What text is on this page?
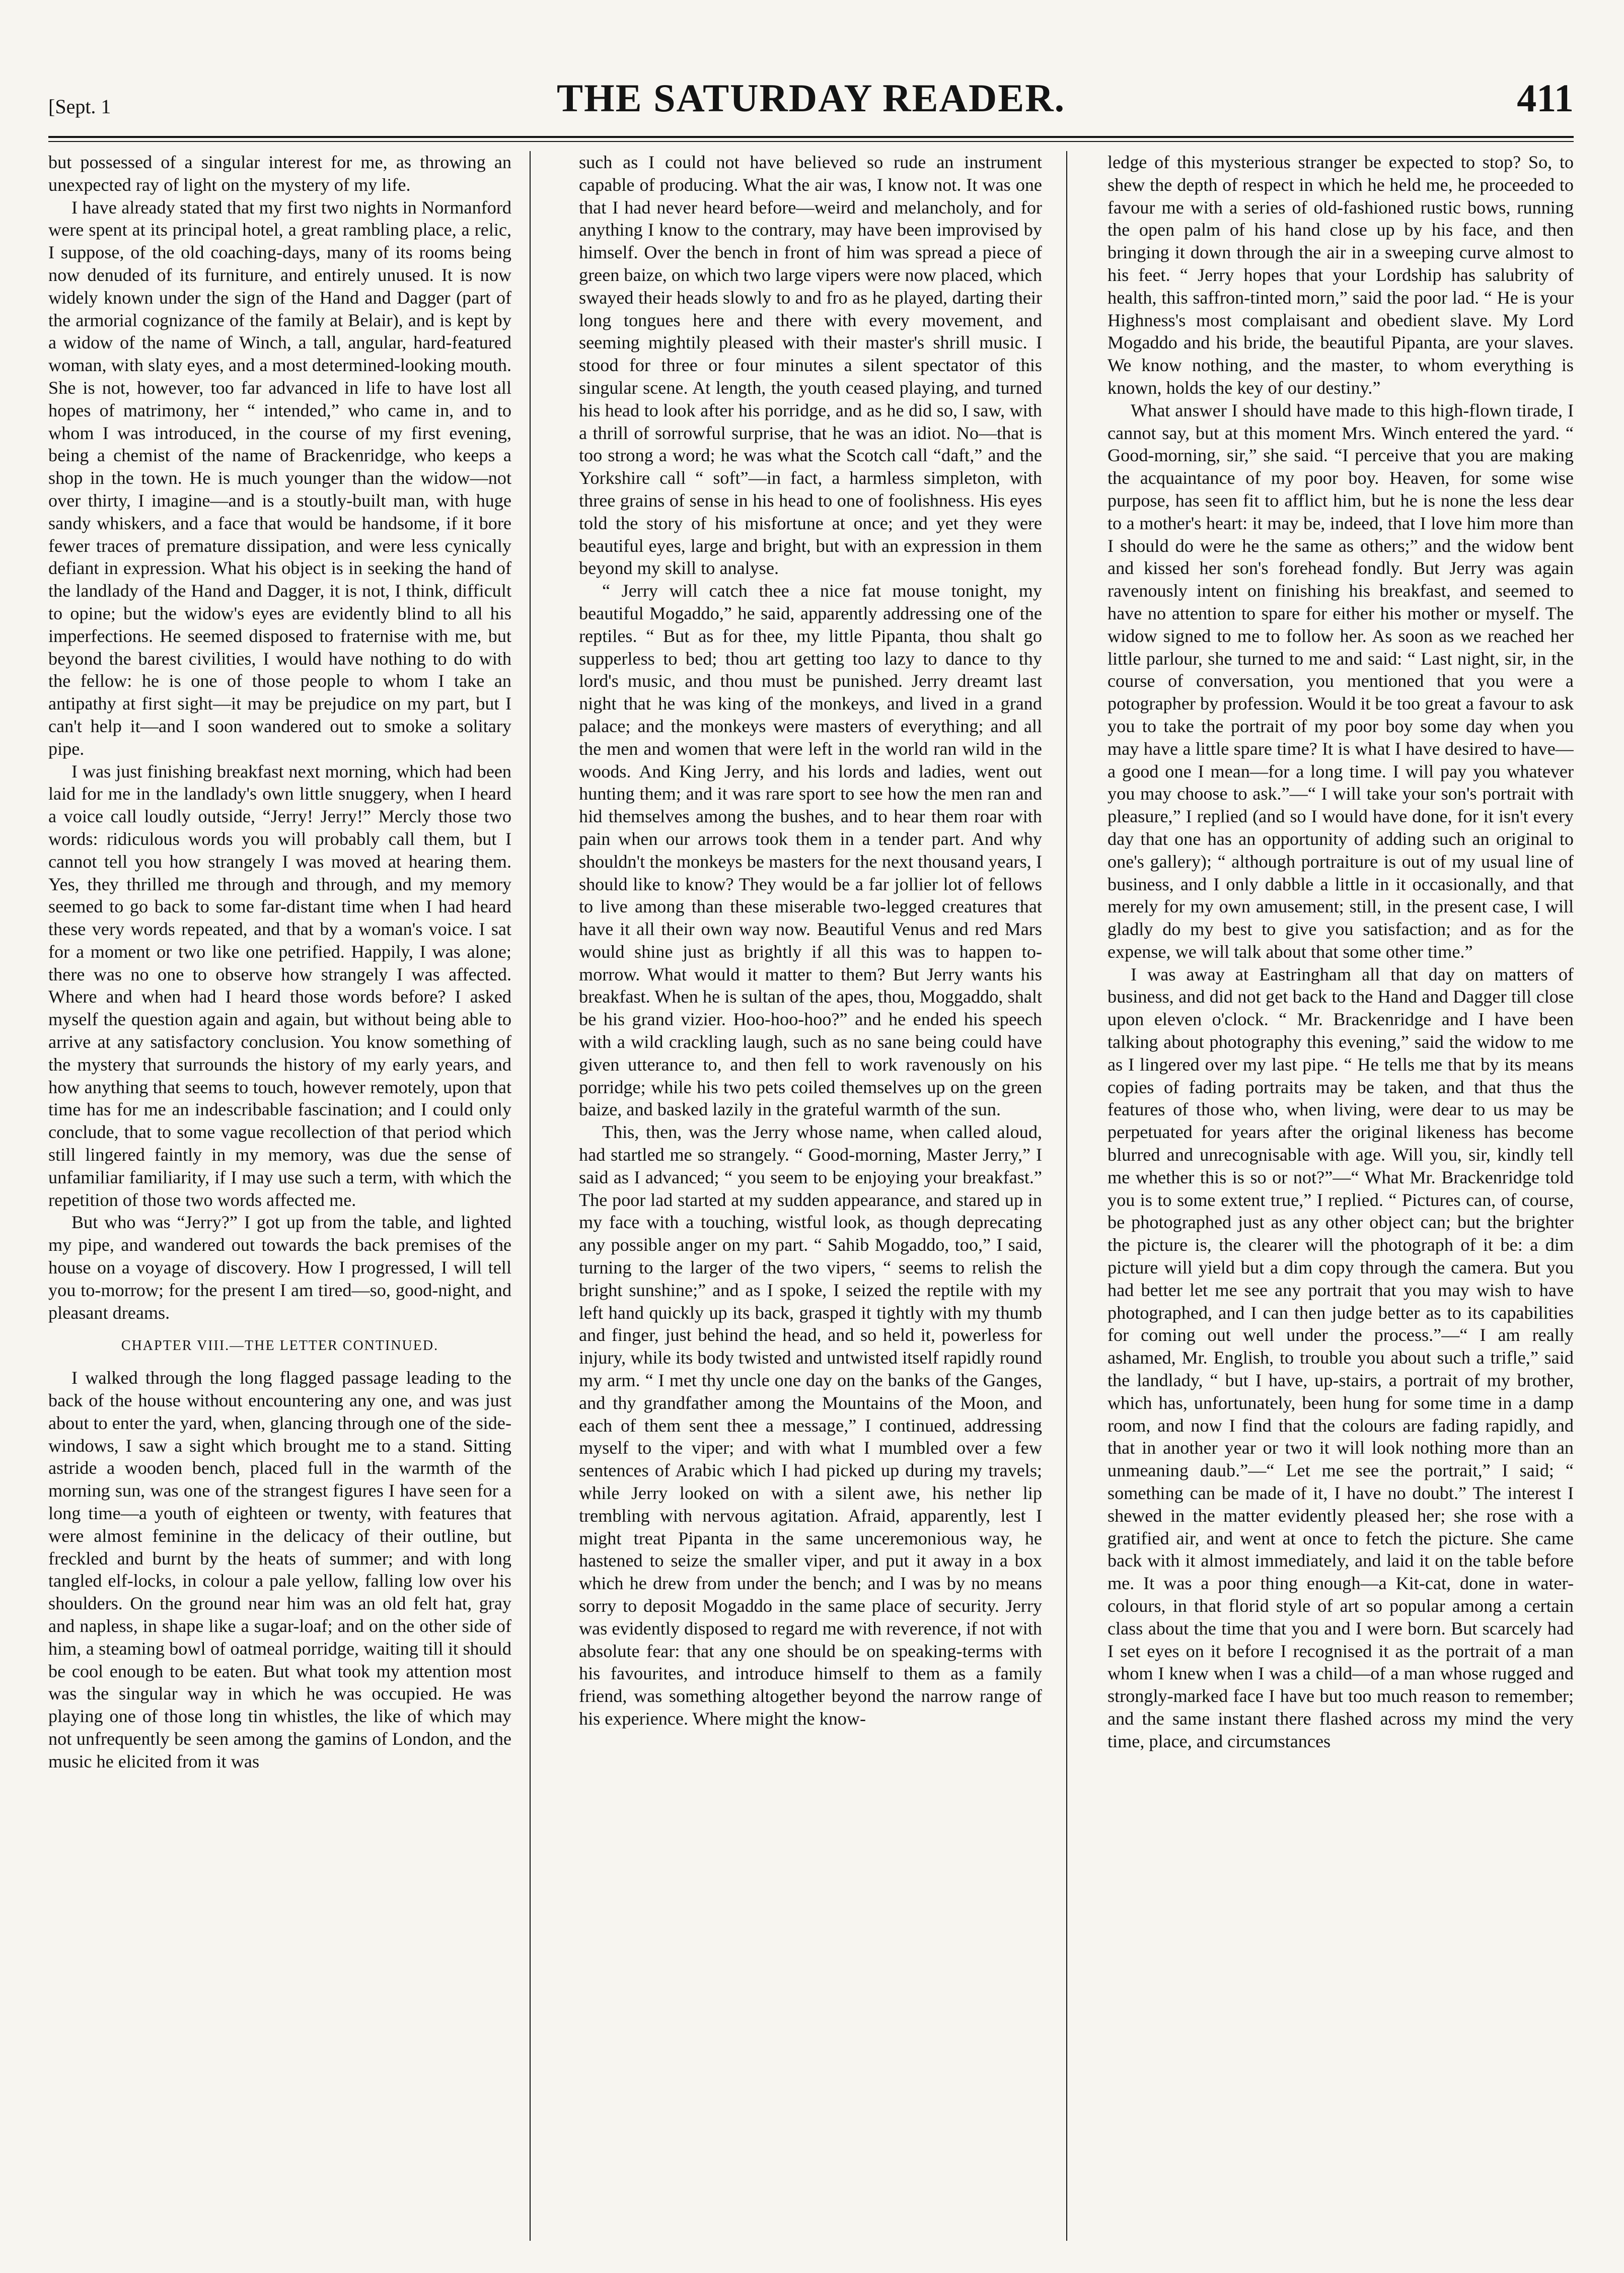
[Sept. 1	THE SATURDAY READER.	411

but possessed of a singular interest for me, as throwing an unexpected ray of light on the mystery of my life.

I have already stated that my first two nights in Normanford were spent at its principal hotel, a great rambling place, a relic, I suppose, of the old coaching-days, many of its rooms being now denuded of its furniture, and entirely unused. It is now widely known under the sign of the Hand and Dagger (part of the armorial cognizance of the family at Belair), and is kept by a widow of the name of Winch, a tall, angular, hard-featured woman, with slaty eyes, and a most determined-looking mouth. She is not, however, too far advanced in life to have lost all hopes of matrimony, her “ intended,” who came in, and to whom I was introduced, in the course of my first evening, being a chemist of the name of Brackenridge, who keeps a shop in the town. He is much younger than the widow—not over thirty, I imagine—and is a stoutly-built man, with huge sandy whiskers, and a face that would be handsome, if it bore fewer traces of premature dissipation, and were less cynically defiant in expression. What his object is in seeking the hand of the landlady of the Hand and Dagger, it is not, I think, difficult to opine; but the widow's eyes are evidently blind to all his imperfections. He seemed disposed to fraternise with me, but beyond the barest civilities, I would have nothing to do with the fellow: he is one of those people to whom I take an antipathy at first sight—it may be prejudice on my part, but I can't help it—and I soon wandered out to smoke a solitary pipe.

I was just finishing breakfast next morning, which had been laid for me in the landlady's own little snuggery, when I heard a voice call loudly outside, “Jerry! Jerry!” Mercly those two words: ridiculous words you will probably call them, but I cannot tell you how strangely I was moved at hearing them. Yes, they thrilled me through and through, and my memory seemed to go back to some far-distant time when I had heard these very words repeated, and that by a woman's voice. I sat for a moment or two like one petrified. Happily, I was alone; there was no one to observe how strangely I was affected. Where and when had I heard those words before? I asked myself the question again and again, but without being able to arrive at any satisfactory conclusion. You know something of the mystery that surrounds the history of my early years, and how anything that seems to touch, however remotely, upon that time has for me an indescribable fascination; and I could only conclude, that to some vague recollection of that period which still lingered faintly in my memory, was due the sense of unfamiliar familiarity, if I may use such a term, with which the repetition of those two words affected me.

But who was “Jerry?” I got up from the table, and lighted my pipe, and wandered out towards the back premises of the house on a voyage of discovery. How I progressed, I will tell you to-morrow; for the present I am tired—so, good-night, and pleasant dreams.

CHAPTER VIII.—THE LETTER CONTINUED.

I walked through the long flagged passage leading to the back of the house without encountering any one, and was just about to enter the yard, when, glancing through one of the side-windows, I saw a sight which brought me to a stand. Sitting astride a wooden bench, placed full in the warmth of the morning sun, was one of the strangest figures I have seen for a long time—a youth of eighteen or twenty, with features that were almost feminine in the delicacy of their outline, but freckled and burnt by the heats of summer; and with long tangled elf-locks, in colour a pale yellow, falling low over his shoulders. On the ground near him was an old felt hat, gray and napless, in shape like a sugar-loaf; and on the other side of him, a steaming bowl of oatmeal porridge, waiting till it should be cool enough to be eaten. But what took my attention most was the singular way in which he was occupied. He was playing one of those long tin whistles, the like of which may not unfrequently be seen among the gamins of London, and the music he elicited from it was

such as I could not have believed so rude an instrument capable of producing. What the air was, I know not. It was one that I had never heard before—weird and melancholy, and for anything I know to the contrary, may have been improvised by himself. Over the bench in front of him was spread a piece of green baize, on which two large vipers were now placed, which swayed their heads slowly to and fro as he played, darting their long tongues here and there with every movement, and seeming mightily pleased with their master's shrill music. I stood for three or four minutes a silent spectator of this singular scene. At length, the youth ceased playing, and turned his head to look after his porridge, and as he did so, I saw, with a thrill of sorrowful surprise, that he was an idiot. No—that is too strong a word; he was what the Scotch call “daft,” and the Yorkshire call “ soft”—in fact, a harmless simpleton, with three grains of sense in his head to one of foolishness. His eyes told the story of his misfortune at once; and yet they were beautiful eyes, large and bright, but with an expression in them beyond my skill to analyse.

“ Jerry will catch thee a nice fat mouse tonight, my beautiful Mogaddo,” he said, apparently addressing one of the reptiles. “ But as for thee, my little Pipanta, thou shalt go supperless to bed; thou art getting too lazy to dance to thy lord's music, and thou must be punished. Jerry dreamt last night that he was king of the monkeys, and lived in a grand palace; and the monkeys were masters of everything; and all the men and women that were left in the world ran wild in the woods. And King Jerry, and his lords and ladies, went out hunting them; and it was rare sport to see how the men ran and hid themselves among the bushes, and to hear them roar with pain when our arrows took them in a tender part. And why shouldn't the monkeys be masters for the next thousand years, I should like to know? They would be a far jollier lot of fellows to live among than these miserable two-legged creatures that have it all their own way now. Beautiful Venus and red Mars would shine just as brightly if all this was to happen to-morrow. What would it matter to them? But Jerry wants his breakfast. When he is sultan of the apes, thou, Moggaddo, shalt be his grand vizier. Hoo-hoo-hoo?” and he ended his speech with a wild crackling laugh, such as no sane being could have given utterance to, and then fell to work ravenously on his porridge; while his two pets coiled themselves up on the green baize, and basked lazily in the grateful warmth of the sun.

This, then, was the Jerry whose name, when called aloud, had startled me so strangely. “ Good-morning, Master Jerry,” I said as I advanced; “ you seem to be enjoying your breakfast.” The poor lad started at my sudden appearance, and stared up in my face with a touching, wistful look, as though deprecating any possible anger on my part. “ Sahib Mogaddo, too,” I said, turning to the larger of the two vipers, “ seems to relish the bright sunshine;” and as I spoke, I seized the reptile with my left hand quickly up its back, grasped it tightly with my thumb and finger, just behind the head, and so held it, powerless for injury, while its body twisted and untwisted itself rapidly round my arm. “ I met thy uncle one day on the banks of the Ganges, and thy grandfather among the Mountains of the Moon, and each of them sent thee a message,” I continued, addressing myself to the viper; and with what I mumbled over a few sentences of Arabic which I had picked up during my travels; while Jerry looked on with a silent awe, his nether lip trembling with nervous agitation. Afraid, apparently, lest I might treat Pipanta in the same unceremonious way, he hastened to seize the smaller viper, and put it away in a box which he drew from under the bench; and I was by no means sorry to deposit Mogaddo in the same place of security. Jerry was evidently disposed to regard me with reverence, if not with absolute fear: that any one should be on speaking-terms with his favourites, and introduce himself to them as a family friend, was something altogether beyond the narrow range of his experience. Where might the know-

ledge of this mysterious stranger be expected to stop? So, to shew the depth of respect in which he held me, he proceeded to favour me with a series of old-fashioned rustic bows, running the open palm of his hand close up by his face, and then bringing it down through the air in a sweeping curve almost to his feet. “ Jerry hopes that your Lordship has salubrity of health, this saffron-tinted morn,” said the poor lad. “ He is your Highness's most complaisant and obedient slave. My Lord Mogaddo and his bride, the beautiful Pipanta, are your slaves. We know nothing, and the master, to whom everything is known, holds the key of our destiny.”

What answer I should have made to this high-flown tirade, I cannot say, but at this moment Mrs. Winch entered the yard. “ Good-morning, sir,” she said. “I perceive that you are making the acquaintance of my poor boy. Heaven, for some wise purpose, has seen fit to afflict him, but he is none the less dear to a mother's heart: it may be, indeed, that I love him more than I should do were he the same as others;” and the widow bent and kissed her son's forehead fondly. But Jerry was again ravenously intent on finishing his breakfast, and seemed to have no attention to spare for either his mother or myself. The widow signed to me to follow her. As soon as we reached her little parlour, she turned to me and said: “ Last night, sir, in the course of conversation, you mentioned that you were a potographer by profession. Would it be too great a favour to ask you to take the portrait of my poor boy some day when you may have a little spare time? It is what I have desired to have—a good one I mean—for a long time. I will pay you whatever you may choose to ask.”—“ I will take your son's portrait with pleasure,” I replied (and so I would have done, for it isn't every day that one has an opportunity of adding such an original to one's gallery); “ although portraiture is out of my usual line of business, and I only dabble a little in it occasionally, and that merely for my own amusement; still, in the present case, I will gladly do my best to give you satisfaction; and as for the expense, we will talk about that some other time.”

I was away at Eastringham all that day on matters of business, and did not get back to the Hand and Dagger till close upon eleven o'clock. “ Mr. Brackenridge and I have been talking about photography this evening,” said the widow to me as I lingered over my last pipe. “ He tells me that by its means copies of fading portraits may be taken, and that thus the features of those who, when living, were dear to us may be perpetuated for years after the original likeness has become blurred and unrecognisable with age. Will you, sir, kindly tell me whether this is so or not?”—“ What Mr. Brackenridge told you is to some extent true,” I replied. “ Pictures can, of course, be photographed just as any other object can; but the brighter the picture is, the clearer will the photograph of it be: a dim picture will yield but a dim copy through the camera. But you had better let me see any portrait that you may wish to have photographed, and I can then judge better as to its capabilities for coming out well under the process.”—“ I am really ashamed, Mr. English, to trouble you about such a trifle,” said the landlady, “ but I have, up-stairs, a portrait of my brother, which has, unfortunately, been hung for some time in a damp room, and now I find that the colours are fading rapidly, and that in another year or two it will look nothing more than an unmeaning daub.”—“ Let me see the portrait,” I said; “ something can be made of it, I have no doubt.” The interest I shewed in the matter evidently pleased her; she rose with a gratified air, and went at once to fetch the picture. She came back with it almost immediately, and laid it on the table before me. It was a poor thing enough—a Kit-cat, done in water-colours, in that florid style of art so popular among a certain class about the time that you and I were born. But scarcely had I set eyes on it before I recognised it as the portrait of a man whom I knew when I was a child—of a man whose rugged and strongly-marked face I have but too much reason to remember; and the same instant there flashed across my mind the very time, place, and circumstances
